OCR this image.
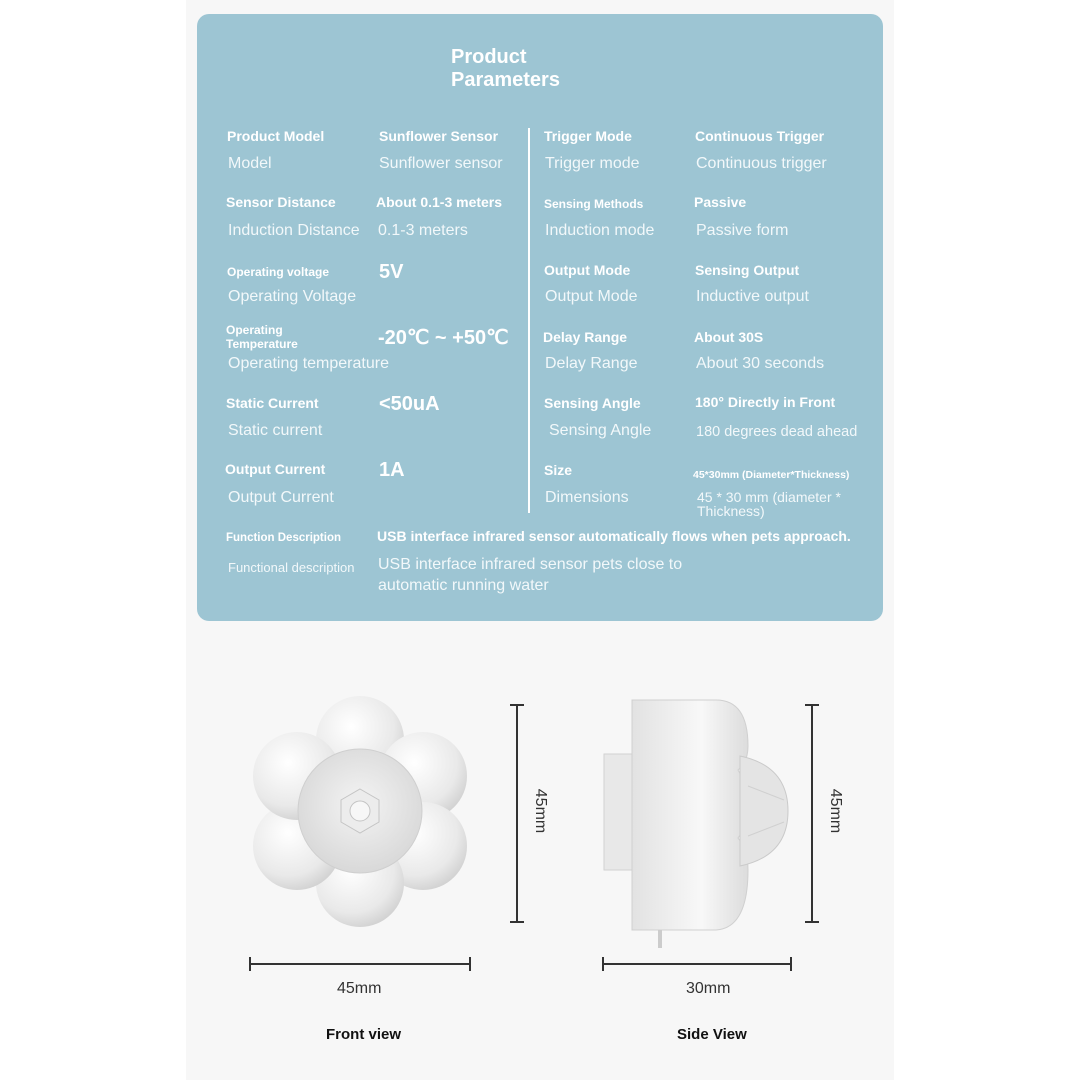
Product Parameters
Product Model	Sunflower Sensor
Model	Sunflower sensor
Sensor Distance	About 0.1-3 meters
Induction Distance 0.1-3 meters
Operating voltage	5V
Operating Voltage
Operating Temperature	-20℃ ~ +50℃
Operating temperature
Static Current	<50uA
Static current
Output Current	1A
Output Current
Trigger Mode	Continuous Trigger
Trigger mode	Continuous trigger
Sensing Methods	Passive
Induction mode	Passive form
Output Mode	Sensing Output
Output Mode	Inductive output
Delay Range	About 30S
Delay Range	About 30 seconds
Sensing Angle	180° Directly in Front
Sensing Angle	180 degrees dead ahead
Size	45*30mm (Diameter*Thickness)
Dimensions	45 * 30 mm (diameter * Thickness)
Function Description	USB interface infrared sensor automatically flows when pets approach.
Functional description USB interface infrared sensor pets close to automatic running water
45mm
45mm
Front view
45mm
30mm
Side View
